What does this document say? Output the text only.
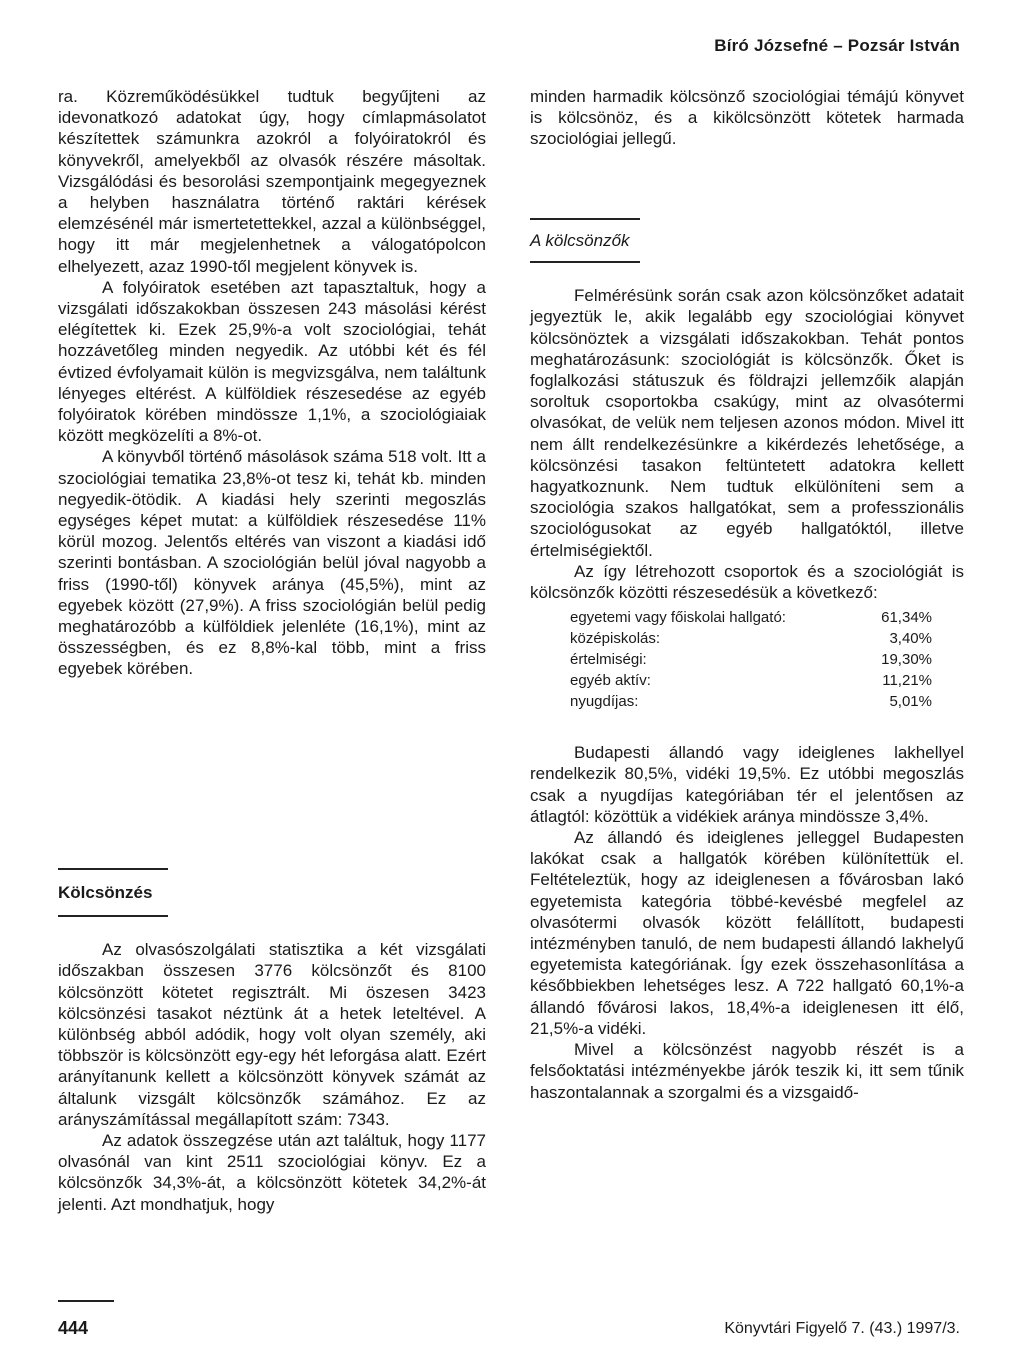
Bíró Józsefné – Pozsár István

ra. Közreműködésükkel tudtuk begyűjteni az idevonatkozó adatokat úgy, hogy címlapmásolatot készítettek számunkra azokról a folyóiratokról és könyvekről, amelyekből az olvasók részére másoltak. Vizsgálódási és besorolási szempontjaink megegyeznek a helyben használatra történő raktári kérések elemzésénél már ismertetettekkel, azzal a különbséggel, hogy itt már megjelenhetnek a válogatópolcon elhelyezett, azaz 1990-től megjelent könyvek is.

A folyóiratok esetében azt tapasztaltuk, hogy a vizsgálati időszakokban összesen 243 másolási kérést elégítettek ki. Ezek 25,9%-a volt szociológiai, tehát hozzávetőleg minden negyedik. Az utóbbi két és fél évtized évfolyamait külön is megvizsgálva, nem találtunk lényeges eltérést. A külföldiek részesedése az egyéb folyóiratok körében mindössze 1,1%, a szociológiaiak között megközelíti a 8%-ot.

A könyvből történő másolások száma 518 volt. Itt a szociológiai tematika 23,8%-ot tesz ki, tehát kb. minden negyedik-ötödik. A kiadási hely szerinti megoszlás egységes képet mutat: a külföldiek részesedése 11% körül mozog. Jelentős eltérés van viszont a kiadási idő szerinti bontásban. A szociológián belül jóval nagyobb a friss (1990-től) könyvek aránya (45,5%), mint az egyebek között (27,9%). A friss szociológián belül pedig meghatározóbb a külföldiek jelenléte (16,1%), mint az összességben, és ez 8,8%-kal több, mint a friss egyebek körében.

Kölcsönzés

Az olvasószolgálati statisztika a két vizsgálati időszakban összesen 3776 kölcsönzőt és 8100 kölcsönzött kötetet regisztrált. Mi öszesen 3423 kölcsönzési tasakot néztünk át a hetek leteltével. A különbség abból adódik, hogy volt olyan személy, aki többször is kölcsönzött egy-egy hét leforgása alatt. Ezért arányítanunk kellett a kölcsönzött könyvek számát az általunk vizsgált kölcsönzők számához. Ez az arányszámítással megállapított szám: 7343.

Az adatok összegzése után azt találtuk, hogy 1177 olvasónál van kint 2511 szociológiai könyv. Ez a kölcsönzők 34,3%-át, a kölcsönzött kötetek 34,2%-át jelenti. Azt mondhatjuk, hogy

minden harmadik kölcsönző szociológiai témájú könyvet is kölcsönöz, és a kikölcsönzött kötetek harmada szociológiai jellegű.

A kölcsönzők

Felmérésünk során csak azon kölcsönzőket adatait jegyeztük le, akik legalább egy szociológiai könyvet kölcsönöztek a vizsgálati időszakokban. Tehát pontos meghatározásunk: szociológiát is kölcsönzők. Őket is foglalkozási státuszuk és földrajzi jellemzőik alapján soroltuk csoportokba csakúgy, mint az olvasótermi olvasókat, de velük nem teljesen azonos módon. Mivel itt nem állt rendelkezésünkre a kikérdezés lehetősége, a kölcsönzési tasakon feltüntetett adatokra kellett hagyatkoznunk. Nem tudtuk elkülöníteni sem a szociológia szakos hallgatókat, sem a professzionális szociológusokat az egyéb hallgatóktól, illetve értelmiségiektől.

Az így létrehozott csoportok és a szociológiát is kölcsönzők közötti részesedésük a következő:

egyetemi vagy főiskolai hallgató:	61,34%
középiskolás:	3,40%
értelmiségi:	19,30%
egyéb aktív:	11,21%
nyugdíjas:	5,01%

Budapesti állandó vagy ideiglenes lakhellyel rendelkezik 80,5%, vidéki 19,5%. Ez utóbbi megoszlás csak a nyugdíjas kategóriában tér el jelentősen az átlagtól: közöttük a vidékiek aránya mindössze 3,4%.

Az állandó és ideiglenes jelleggel Budapesten lakókat csak a hallgatók körében különítettük el. Feltételeztük, hogy az ideiglenesen a fővárosban lakó egyetemista kategória többé-kevésbé megfelel az olvasótermi olvasók között felállított, budapesti intézményben tanuló, de nem budapesti állandó lakhelyű egyetemista kategóriának. Így ezek összehasonlítása a későbbiekben lehetséges lesz. A 722 hallgató 60,1%-a állandó fővárosi lakos, 18,4%-a ideiglenesen itt élő, 21,5%-a vidéki.

Mivel a kölcsönzést nagyobb részét is a felsőoktatási intézményekbe járók teszik ki, itt sem tűnik haszontalannak a szorgalmi és a vizsgaidő-

444	Könyvtári Figyelő 7. (43.) 1997/3.
